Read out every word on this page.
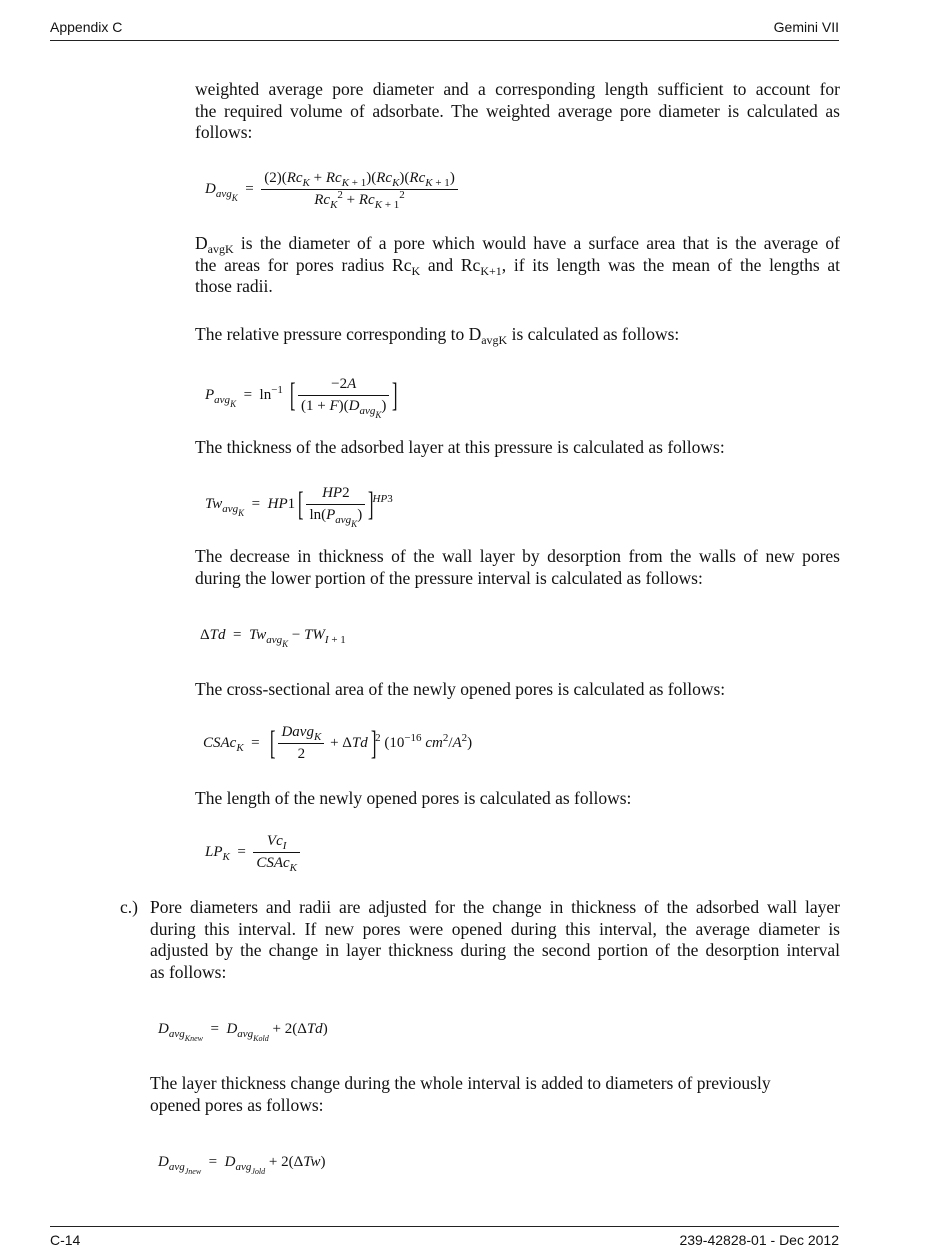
Appendix C	Gemini VII
weighted average pore diameter and a corresponding length sufficient to account for
the required volume of adsorbate. The weighted average pore diameter is calculated as
follows:
$D_{avg_K} = \frac{(2)(Rc_K + Rc_{K + 1})(Rc_K)(Rc_{K + 1})}{Rc_K^2 + Rc_{K + 1}^2}$
$D_{avgK}$ is the diameter of a pore which would have a surface area that is the average of
the areas for pores radius $Rc_K$ and $Rc_{K+1}$, if its length was the mean of the lengths at
those radii.
The relative pressure corresponding to $D_{avgK}$ is calculated as follows:
$P_{avg_K} = \ln^{-1}$ [ $\frac{-2A}{(1 + F)(D_{avg_K})}$ ]
The thickness of the adsorbed layer at this pressure is calculated as follows:
$Tw_{avg_K} = HP1[ \frac{HP2}{\ln(P_{avg_K})} ]^{HP3}$
The decrease in thickness of the wall layer by desorption from the walls of new pores
during the lower portion of the pressure interval is calculated as follows:
$\Delta Td = Tw_{avg_K} - TW_{I + 1}$
The cross-sectional area of the newly opened pores is calculated as follows:
CSAc$_K$  =  [ $\frac{Davg_K}{2} + \Delta Td]^2$ ($10^{-16}$ $cm^2/A^2$)
The length of the newly opened pores is calculated as follows:
$LP_K = \frac{Vc_I}{CSAc_K}$
c.) Pore diameters and radii are adjusted for the change in thickness of the adsorbed wall layer
during this interval. If new pores were opened during this interval, the average diameter is
adjusted by the change in layer thickness during the second portion of the desorption interval
as follows:
$D_{avg_{Knew}} = D_{avg_{Kold}} + 2(\Delta Td)$
The layer thickness change during the whole interval is added to diameters of previously
opened pores as follows:
$D_{avg_{Jnew}} = D_{avg_{Jold}} + 2(\Delta Tw)$
C-14	239-42828-01 - Dec 2012
